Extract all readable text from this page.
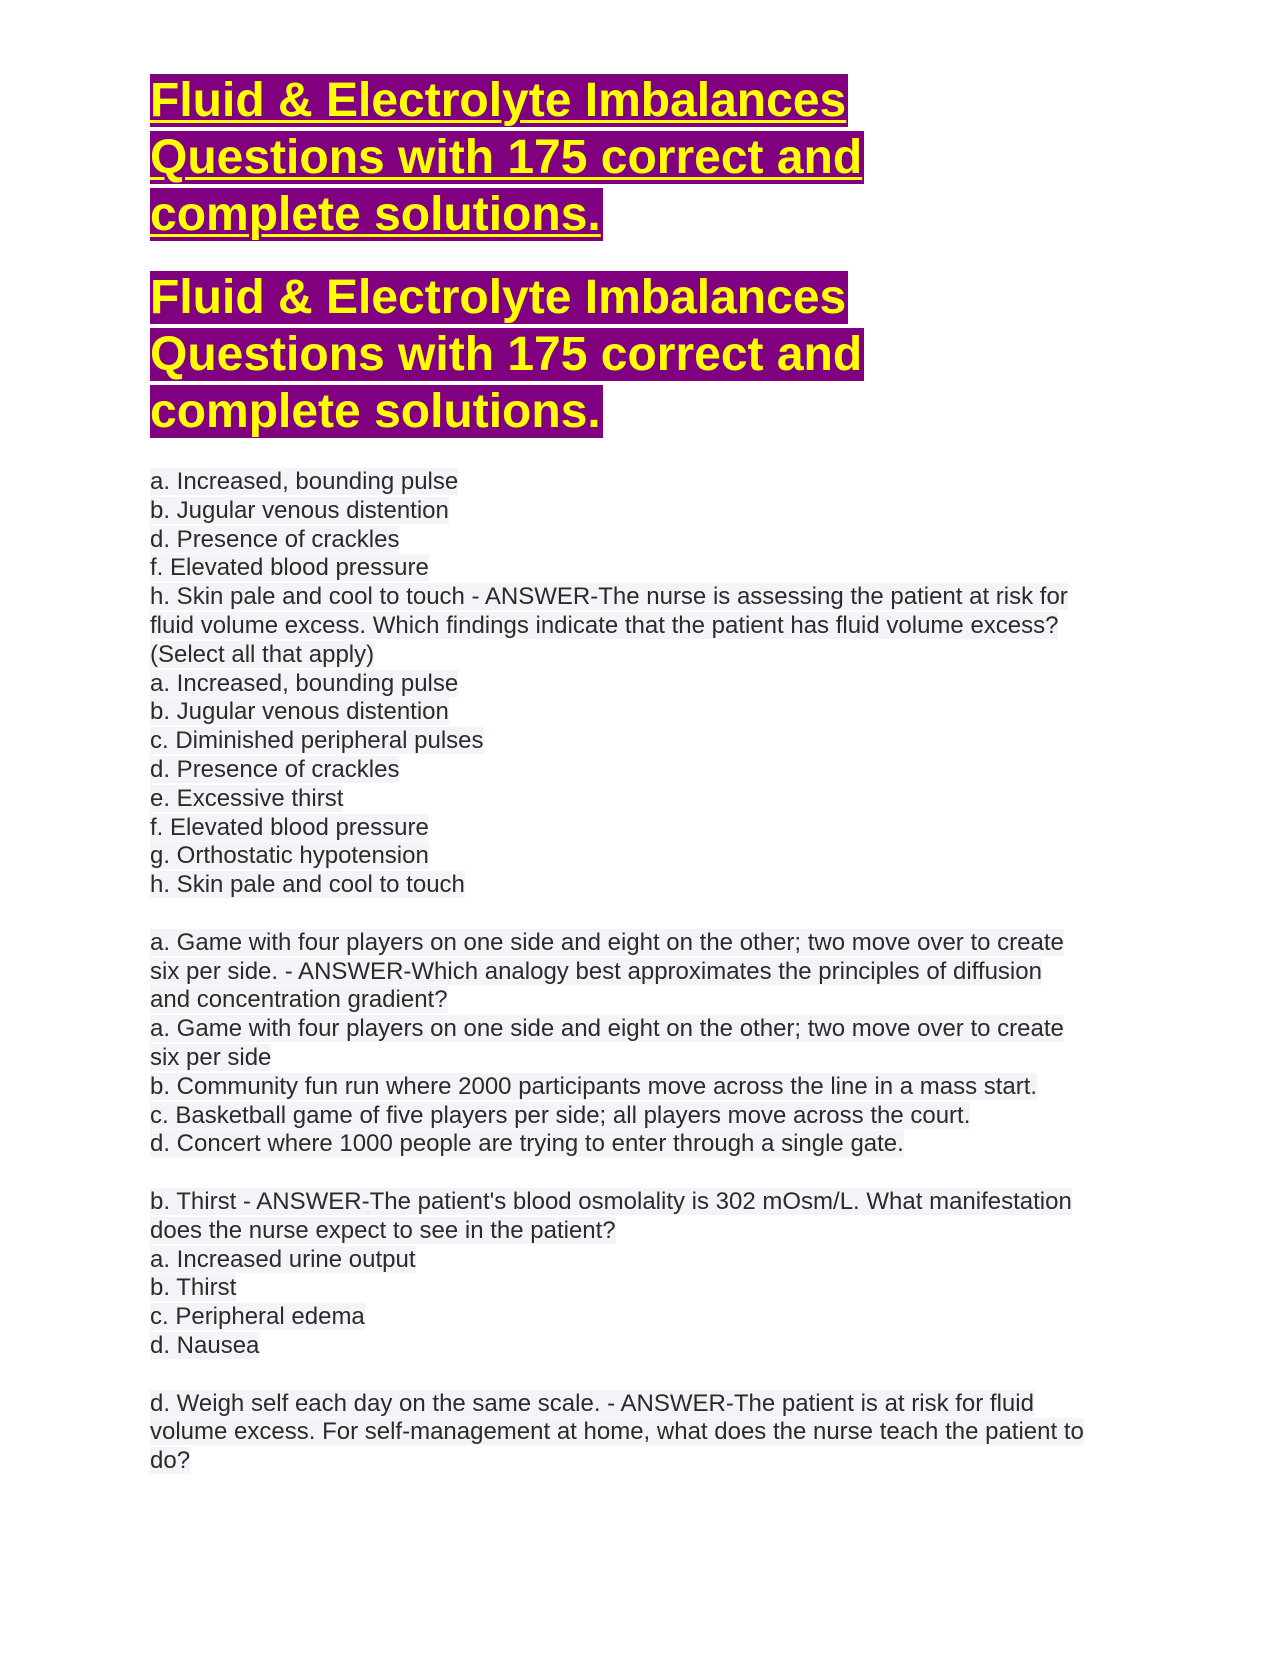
Fluid & Electrolyte Imbalances
Questions with 175 correct and
complete solutions.
Fluid & Electrolyte Imbalances
Questions with 175 correct and
complete solutions.
a. Increased, bounding pulse
b. Jugular venous distention
d. Presence of crackles
f. Elevated blood pressure
h. Skin pale and cool to touch - ANSWER-The nurse is assessing the patient at risk for
fluid volume excess. Which findings indicate that the patient has fluid volume excess?
(Select all that apply)
a. Increased, bounding pulse
b. Jugular venous distention
c. Diminished peripheral pulses
d. Presence of crackles
e. Excessive thirst
f. Elevated blood pressure
g. Orthostatic hypotension
h. Skin pale and cool to touch
a. Game with four players on one side and eight on the other; two move over to create
six per side. - ANSWER-Which analogy best approximates the principles of diffusion
and concentration gradient?
a. Game with four players on one side and eight on the other; two move over to create
six per side
b. Community fun run where 2000 participants move across the line in a mass start.
c. Basketball game of five players per side; all players move across the court.
d. Concert where 1000 people are trying to enter through a single gate.
b. Thirst - ANSWER-The patient's blood osmolality is 302 mOsm/L. What manifestation
does the nurse expect to see in the patient?
a. Increased urine output
b. Thirst
c. Peripheral edema
d. Nausea
d. Weigh self each day on the same scale. - ANSWER-The patient is at risk for fluid
volume excess. For self-management at home, what does the nurse teach the patient to
do?
